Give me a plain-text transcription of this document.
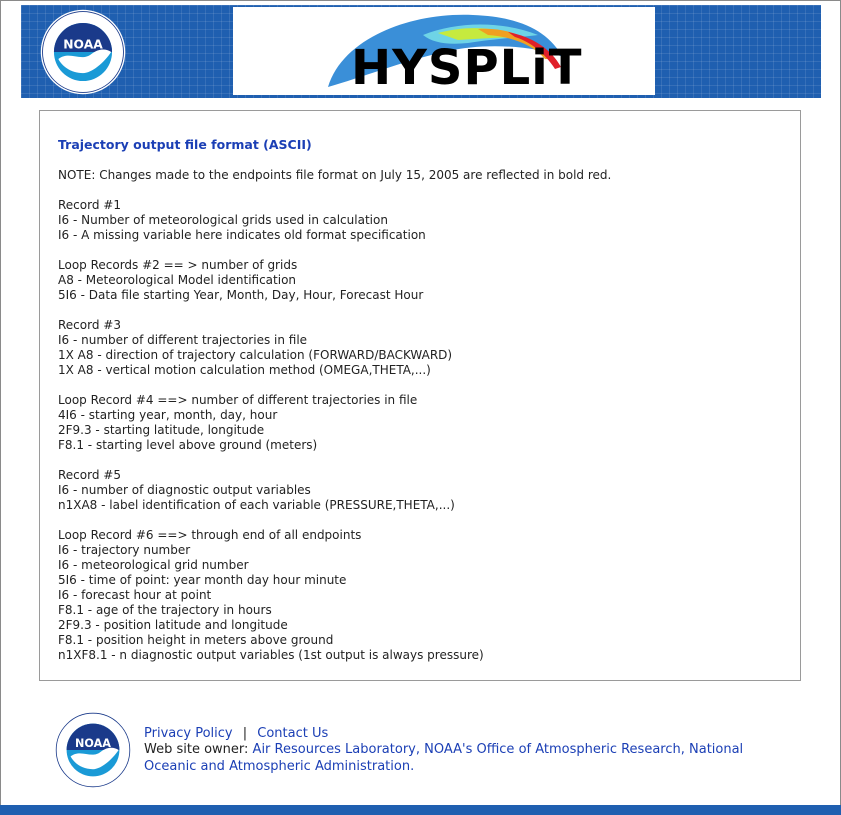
NOAA	HYSPLiT
Trajectory output file format (ASCII)
NOTE: Changes made to the endpoints file format on July 15, 2005 are reflected in bold red.
Record #1
I6 - Number of meteorological grids used in calculation
I6 - A missing variable here indicates old format specification
Loop Records #2 == > number of grids
A8 - Meteorological Model identification
5I6 - Data file starting Year, Month, Day, Hour, Forecast Hour
Record #3
I6 - number of different trajectories in file
1X A8 - direction of trajectory calculation (FORWARD/BACKWARD)
1X A8 - vertical motion calculation method (OMEGA,THETA,...)
Loop Record #4 ==> number of different trajectories in file
4I6 - starting year, month, day, hour
2F9.3 - starting latitude, longitude
F8.1 - starting level above ground (meters)
Record #5
I6 - number of diagnostic output variables
n1XA8 - label identification of each variable (PRESSURE,THETA,...)
Loop Record #6 ==> through end of all endpoints
I6 - trajectory number
I6 - meteorological grid number
5I6 - time of point: year month day hour minute
I6 - forecast hour at point
F8.1 - age of the trajectory in hours
2F9.3 - position latitude and longitude
F8.1 - position height in meters above ground
n1XF8.1 - n diagnostic output variables (1st output is always pressure)
NOAA
Privacy Policy | Contact Us
Web site owner: Air Resources Laboratory, NOAA's Office of Atmospheric Research, National Oceanic and Atmospheric Administration.
